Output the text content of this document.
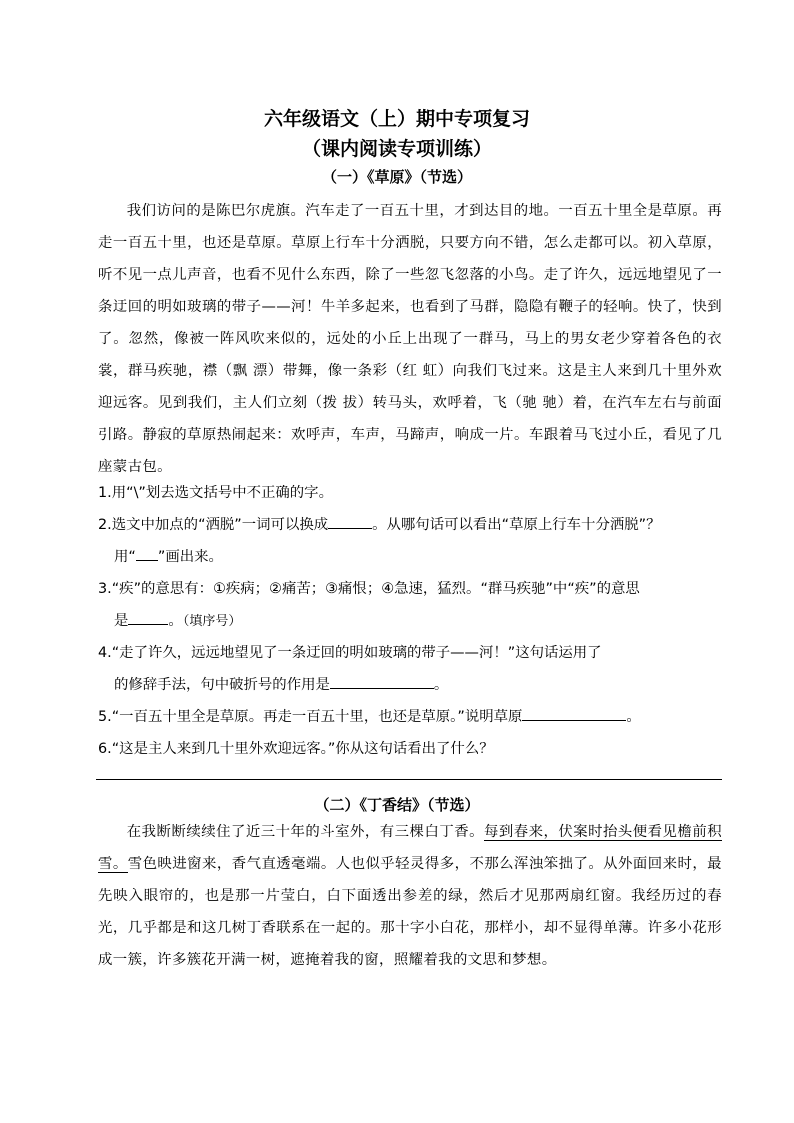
六年级语文（上）期中专项复习
（课内阅读专项训练）
（一）《草原》（节选）

我们访问的是陈巴尔虎旗。汽车走了一百五十里，才到达目的地。一百五十里全是草原。再走一百五十里，也还是草原。草原上行车十分洒脱，只要方向不错，怎么走都可以。初入草原，听不见一点儿声音，也看不见什么东西，除了一些忽飞忽落的小鸟。走了许久，远远地望见了一条迂回的明如玻璃的带子——河！牛羊多起来，也看到了马群，隐隐有鞭子的轻响。快了，快到了。忽然，像被一阵风吹来似的，远处的小丘上出现了一群马，马上的男女老少穿着各色的衣裳，群马疾驰，襟（飘 漂）带舞，像一条彩（红 虹）向我们飞过来。这是主人来到几十里外欢迎远客。见到我们，主人们立刻（拨 拔）转马头，欢呼着，飞（驰 驰）着，在汽车左右与前面引路。静寂的草原热闹起来：欢呼声，车声，马蹄声，响成一片。车跟着马飞过小丘，看见了几座蒙古包。

1.用“\”划去选文括号中不正确的字。

2.选文中加点的“洒脱”一词可以换成	。从哪句话可以看出“草原上行车十分洒脱”？
用“ ”画出来。

3.“疾”的意思有：①疾病；②痛苦；③痛恨；④急速，猛烈。“群马疾驰”中“疾”的意思
是	。（填序号）

4.“走了许久，远远地望见了一条迂回的明如玻璃的带子——河！”这句话运用了
的修辞手法，句中破折号的作用是	。

5.“一百五十里全是草原。再走一百五十里，也还是草原。”说明草原	。

6.“这是主人来到几十里外欢迎远客。”你从这句话看出了什么？

（二）《丁香结》（节选）

在我断断续续住了近三十年的斗室外，有三棵白丁香。每到春来，伏案时抬头便看见檐前积雪。雪色映进窗来，香气直透毫端。人也似乎轻灵得多，不那么浑浊笨拙了。从外面回来时，最先映入眼帘的，也是那一片莹白，白下面透出参差的绿，然后才见那两扇红窗。我经历过的春光，几乎都是和这几树丁香联系在一起的。那十字小白花，那样小，却不显得单薄。许多小花形成一簇，许多簇花开满一树，遮掩着我的窗，照耀着我的文思和梦想。
